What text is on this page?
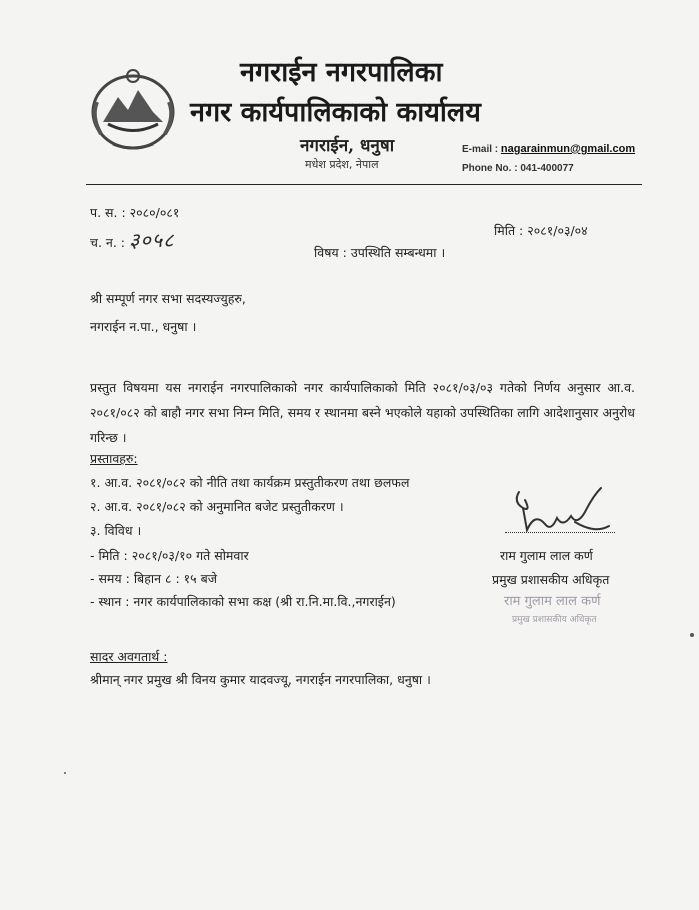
नगराईन नगरपालिका
नगर कार्यपालिकाको कार्यालय
नगराईन, धनुषा
मधेश प्रदेश, नेपाल
E-mail : nagarainmun@gmail.com
Phone No. : 041-400077
प. स. : २०८०/०८१
च. न. : ३०५८	मिति : २०८१/०३/०४
विषय : उपस्थिति सम्बन्धमा ।
श्री सम्पूर्ण नगर सभा सदस्यज्युहरु,
नगराईन न.पा., धनुषा ।
प्रस्तुत विषयमा यस नगराईन नगरपालिकाको नगर कार्यपालिकाको मिति २०८१/०३/०३ गतेको निर्णय अनुसार आ.व. २०८१/०८२ को बाहौ नगर सभा निम्न मिति, समय र स्थानमा बस्ने भएकोले यहाको उपस्थितिका लागि आदेशानुसार अनुरोध गरिन्छ ।
प्रस्तावहरु:
१. आ.व. २०८१/०८२ को नीति तथा कार्यक्रम प्रस्तुतीकरण तथा छलफल
२. आ.व. २०८१/०८२ को अनुमानित बजेट प्रस्तुतीकरण ।
३. विविध ।
- मिति : २०८१/०३/१० गते सोमवार
- समय : बिहान ८ : १५ बजे
- स्थान : नगर कार्यपालिकाको सभा कक्ष (श्री रा.नि.मा.वि.,नगराईन)
राम गुलाम लाल कर्ण
प्रमुख प्रशासकीय अधिकृत
राम गुलाम लाल कर्ण
प्रमुख प्रशासकीय अधिकृत
सादर अवगतार्थ :
श्रीमान् नगर प्रमुख श्री विनय कुमार यादवज्यू, नगराईन नगरपालिका, धनुषा ।
